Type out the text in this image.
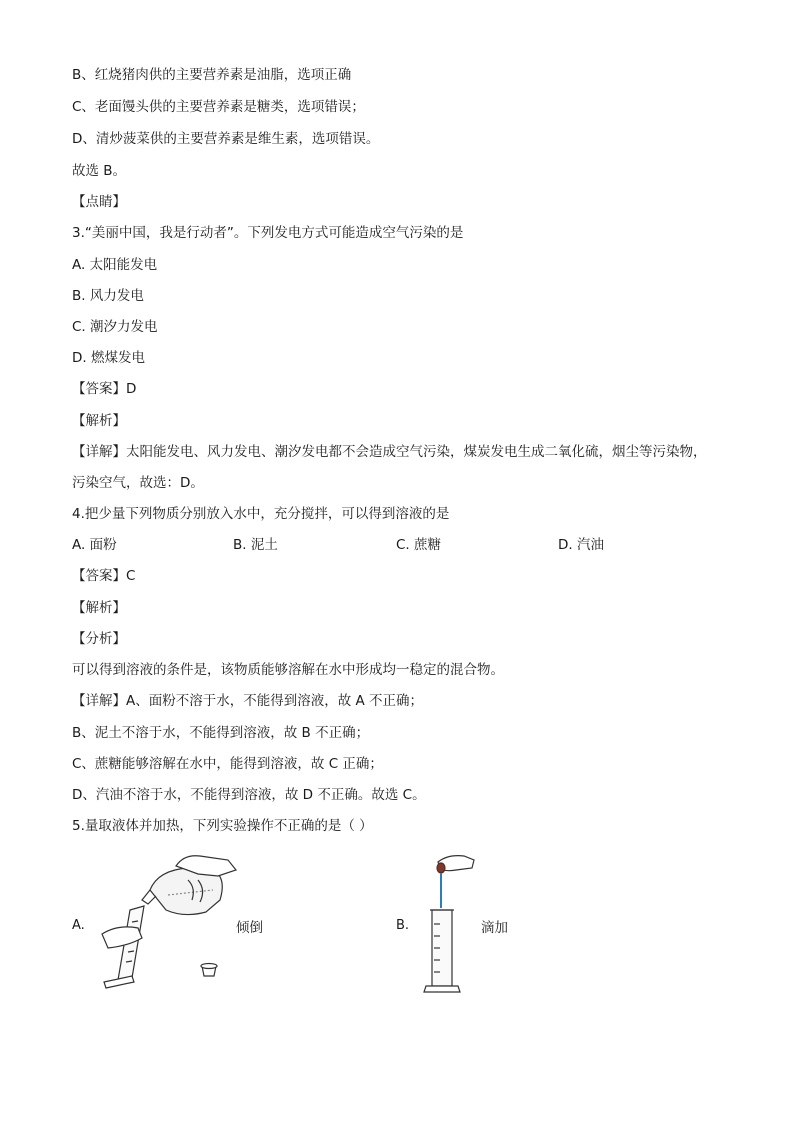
B、红烧猪肉供的主要营养素是油脂，选项正确
C、老面馒头供的主要营养素是糖类，选项错误；
D、清炒菠菜供的主要营养素是维生素，选项错误。
故选 B。
【点睛】
3.“美丽中国，我是行动者”。下列发电方式可能造成空气污染的是
A. 太阳能发电
B. 风力发电
C. 潮汐力发电
D. 燃煤发电
【答案】D
【解析】
【详解】太阳能发电、风力发电、潮汐发电都不会造成空气污染，煤炭发电生成二氧化硫，烟尘等污染物，
污染空气，故选：D。
4.把少量下列物质分别放入水中，充分搅拌，可以得到溶液的是
A. 面粉	B. 泥土	C. 蔗糖	D. 汽油
【答案】C
【解析】
【分析】
可以得到溶液的条件是，该物质能够溶解在水中形成均一稳定的混合物。
【详解】A、面粉不溶于水，不能得到溶液，故 A 不正确；
B、泥土不溶于水，不能得到溶液，故 B 不正确；
C、蔗糖能够溶解在水中，能得到溶液，故 C 正确；
D、汽油不溶于水，不能得到溶液，故 D 不正确。故选 C。
5.量取液体并加热，下列实验操作不正确的是（ ）
A.	倾倒	B.	滴加
